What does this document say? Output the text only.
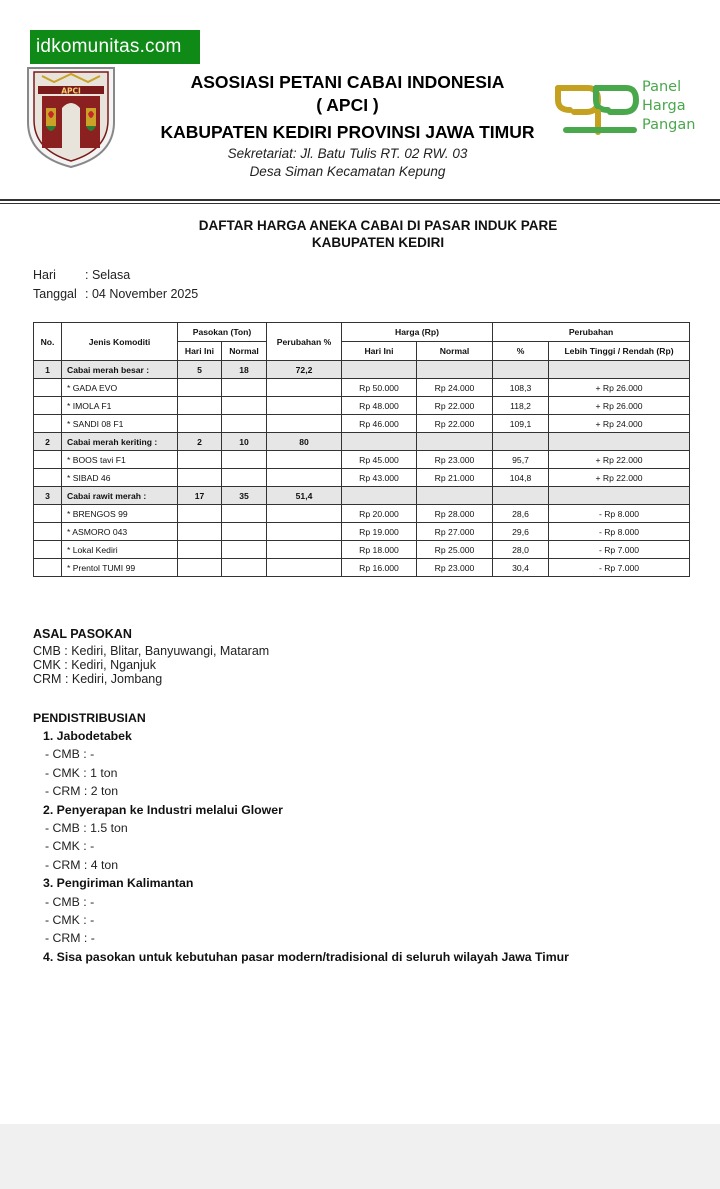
idkomunitas.com
APCI	ASOSIASI PETANI CABAI INDONESIA
( APCI )
KABUPATEN KEDIRI PROVINSI JAWA TIMUR
Sekretariat: Jl. Batu Tulis RT. 02 RW. 03
Desa Siman Kecamatan Kepung
Panel
Harga
Pangan
DAFTAR HARGA ANEKA CABAI DI PASAR INDUK PARE
KABUPATEN KEDIRI
Hari : Selasa
Tanggal : 04 November 2025
No.	Jenis Komoditi	Pasokan (Ton)		Perubahan %	Harga (Rp)		Perubahan	
		Hari Ini	Normal		Hari Ini	Normal	%	Lebih Tinggi / Rendah (Rp)
1	Cabai merah besar :	5	18	72,2				
	* GADA EVO				Rp 50.000	Rp 24.000	108,3	+ Rp 26.000
	* IMOLA F1				Rp 48.000	Rp 22.000	118,2	+ Rp 26.000
	* SANDI 08 F1				Rp 46.000	Rp 22.000	109,1	+ Rp 24.000
2	Cabai merah keriting :	2	10	80				
	* BOOS tavi F1				Rp 45.000	Rp 23.000	95,7	+ Rp 22.000
	* SIBAD 46				Rp 43.000	Rp 21.000	104,8	+ Rp 22.000
3	Cabai rawit merah :	17	35	51,4				
	* BRENGOS 99				Rp 20.000	Rp 28.000	28,6	- Rp 8.000
	* ASMORO 043				Rp 19.000	Rp 27.000	29,6	- Rp 8.000
	* Lokal Kediri				Rp 18.000	Rp 25.000	28,0	- Rp 7.000
	* Prentol TUMI 99				Rp 16.000	Rp 23.000	30,4	- Rp 7.000
ASAL PASOKAN
CMB : Kediri, Blitar, Banyuwangi, Mataram
CMK : Kediri, Nganjuk
CRM : Kediri, Jombang
PENDISTRIBUSIAN
1. Jabodetabek
- CMB : -
- CMK : 1 ton
- CRM : 2 ton
2. Penyerapan ke Industri melalui Glower
- CMB : 1.5 ton
- CMK : -
- CRM : 4 ton
3. Pengiriman Kalimantan
- CMB : -
- CMK : -
- CRM : -
4. Sisa pasokan untuk kebutuhan pasar modern/tradisional di seluruh wilayah Jawa Timur
